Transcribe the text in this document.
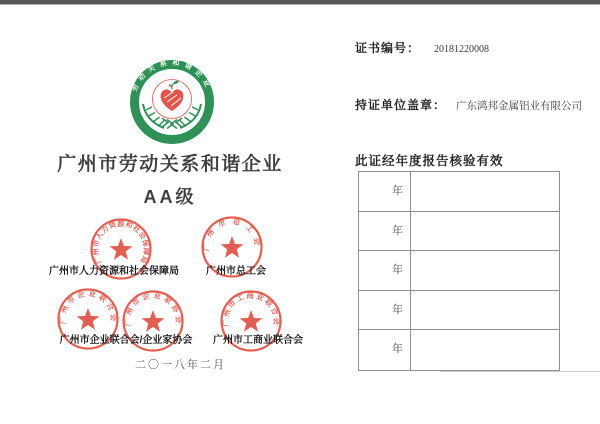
劳动关系和谐企业
广州市劳动关系和谐企业
AA级
广州市人力资源和社会保障局
广州市总工会
广州市人力资源和社会保障局	广州市总工会
广州市企业联合会 广州市企业家协会	广州市工商业联合会
广州市企业联合会/企业家协会	广州市工商业联合会
二〇一八年二月
证书编号： 20181220008
持证单位盖章： 广东鸿邦金属铝业有限公司
此证经年度报告核验有效
年
年
年
年
年
